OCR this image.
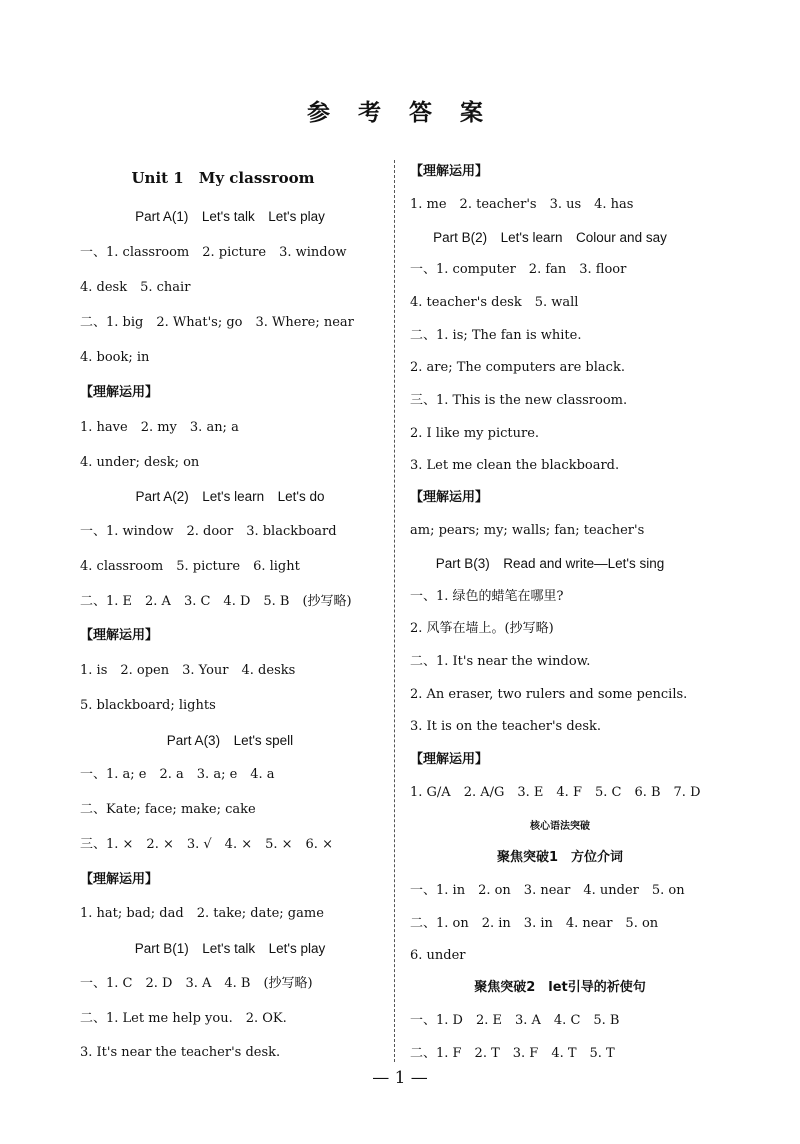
参 考 答 案
Unit 1　My classroom
Part A(1)　Let's talk　Let's play
一、1. classroom　2. picture　3. window
4. desk　5. chair
二、1. big　2. What's; go　3. Where; near
4. book; in
【理解运用】
1. have　2. my　3. an; a
4. under; desk; on
Part A(2)　Let's learn　Let's do
一、1. window　2. door　3. blackboard
4. classroom　5. picture　6. light
二、1. E　2. A　3. C　4. D　5. B　(抄写略)
【理解运用】
1. is　2. open　3. Your　4. desks
5. blackboard; lights
Part A(3)　Let's spell
一、1. a; e　2. a　3. a; e　4. a
二、Kate; face; make; cake
三、1. ×　2. ×　3. √　4. ×　5. ×　6. ×
【理解运用】
1. hat; bad; dad　2. take; date; game
Part B(1)　Let's talk　Let's play
一、1. C　2. D　3. A　4. B　(抄写略)
二、1. Let me help you.　2. OK.
3. It's near the teacher's desk.
【理解运用】
1. me　2. teacher's　3. us　4. has
Part B(2)　Let's learn　Colour and say
一、1. computer　2. fan　3. floor
4. teacher's desk　5. wall
二、1. is; The fan is white.
2. are; The computers are black.
三、1. This is the new classroom.
2. I like my picture.
3. Let me clean the blackboard.
【理解运用】
am; pears; my; walls; fan; teacher's
Part B(3)　Read and write—Let's sing
一、1. 绿色的蜡笔在哪里?
2. 风筝在墙上。(抄写略)
二、1. It's near the window.
2. An eraser, two rulers and some pencils.
3. It is on the teacher's desk.
【理解运用】
1. G/A　2. A/G　3. E　4. F　5. C　6. B　7. D
核心语法突破
聚焦突破1　方位介词
一、1. in　2. on　3. near　4. under　5. on
二、1. on　2. in　3. in　4. near　5. on
6. under
聚焦突破2　let引导的祈使句
一、1. D　2. E　3. A　4. C　5. B
二、1. F　2. T　3. F　4. T　5. T
— 1 —
